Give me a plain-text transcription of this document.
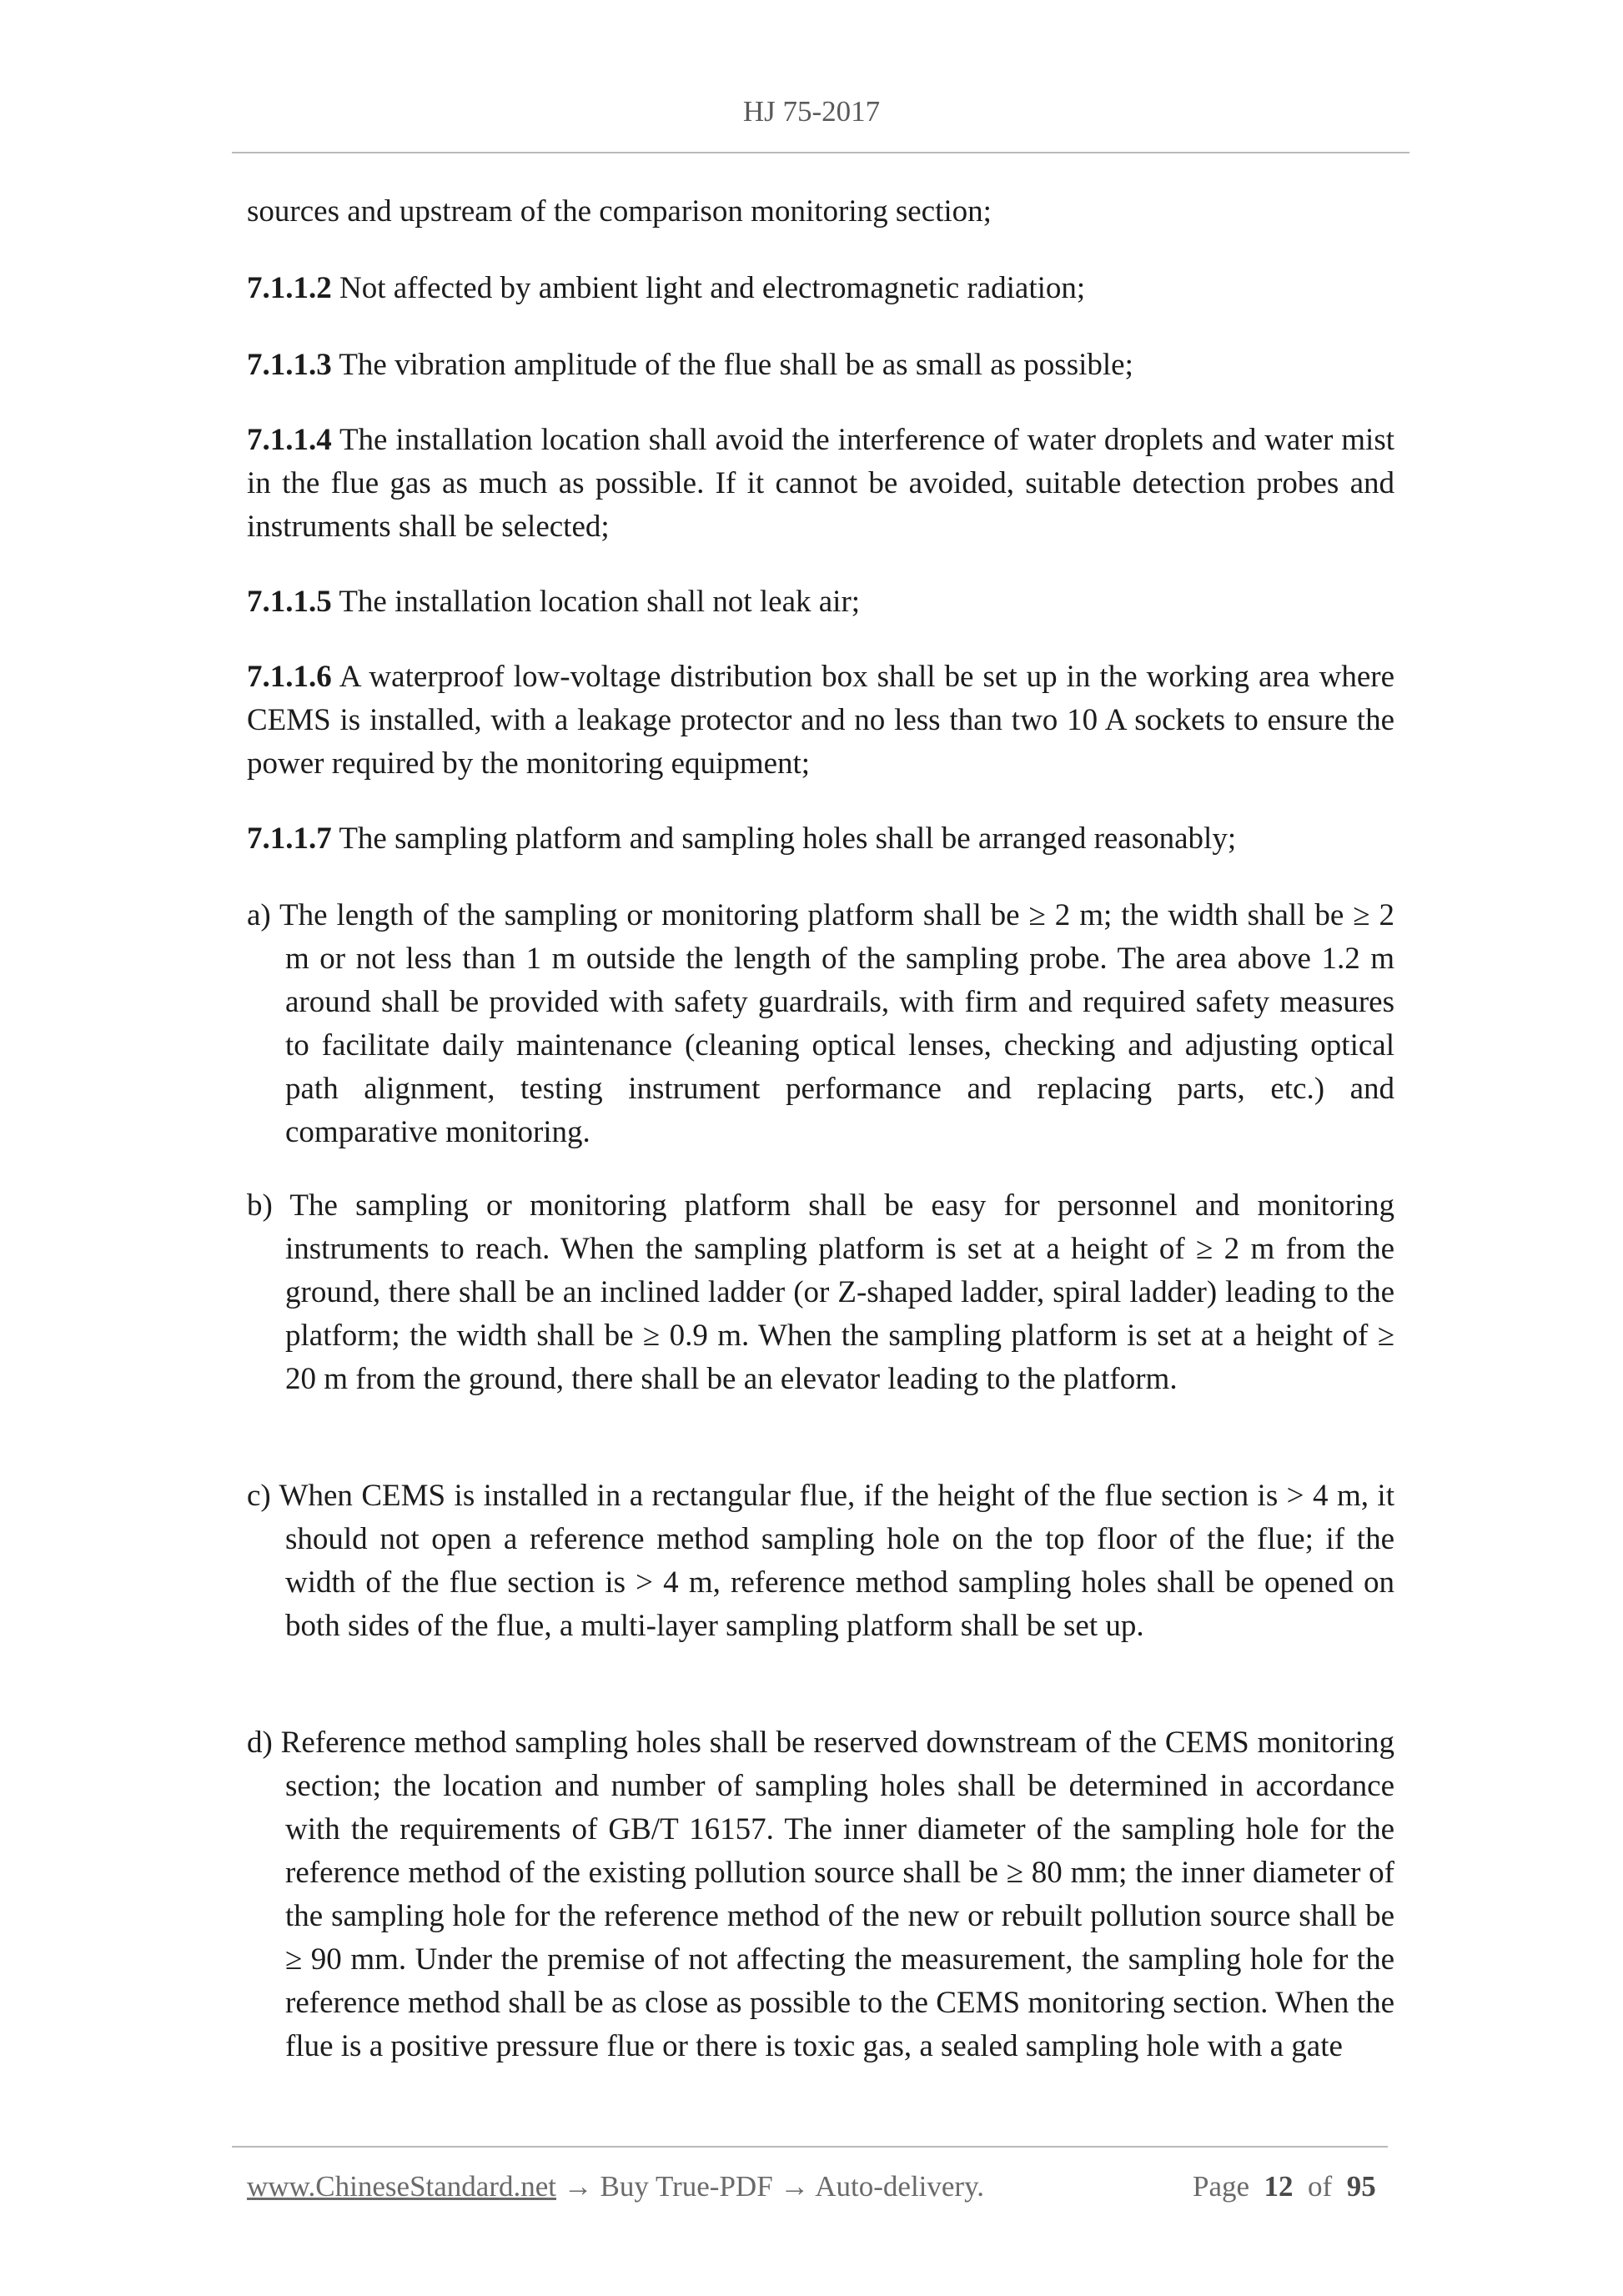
HJ 75-2017

sources and upstream of the comparison monitoring section;

7.1.1.2 Not affected by ambient light and electromagnetic radiation;

7.1.1.3 The vibration amplitude of the flue shall be as small as possible;

7.1.1.4 The installation location shall avoid the interference of water droplets and water mist in the flue gas as much as possible. If it cannot be avoided, suitable detection probes and instruments shall be selected;

7.1.1.5 The installation location shall not leak air;

7.1.1.6 A waterproof low-voltage distribution box shall be set up in the working area where CEMS is installed, with a leakage protector and no less than two 10 A sockets to ensure the power required by the monitoring equipment;

7.1.1.7 The sampling platform and sampling holes shall be arranged reasonably;

a) The length of the sampling or monitoring platform shall be ≥ 2 m; the width shall be ≥ 2 m or not less than 1 m outside the length of the sampling probe. The area above 1.2 m around shall be provided with safety guardrails, with firm and required safety measures to facilitate daily maintenance (cleaning optical lenses, checking and adjusting optical path alignment, testing instrument performance and replacing parts, etc.) and comparative monitoring.

b) The sampling or monitoring platform shall be easy for personnel and monitoring instruments to reach. When the sampling platform is set at a height of ≥ 2 m from the ground, there shall be an inclined ladder (or Z-shaped ladder, spiral ladder) leading to the platform; the width shall be ≥ 0.9 m. When the sampling platform is set at a height of ≥ 20 m from the ground, there shall be an elevator leading to the platform.

c) When CEMS is installed in a rectangular flue, if the height of the flue section is > 4 m, it should not open a reference method sampling hole on the top floor of the flue; if the width of the flue section is > 4 m, reference method sampling holes shall be opened on both sides of the flue, a multi-layer sampling platform shall be set up.

d) Reference method sampling holes shall be reserved downstream of the CEMS monitoring section; the location and number of sampling holes shall be determined in accordance with the requirements of GB/T 16157. The inner diameter of the sampling hole for the reference method of the existing pollution source shall be ≥ 80 mm; the inner diameter of the sampling hole for the reference method of the new or rebuilt pollution source shall be ≥ 90 mm. Under the premise of not affecting the measurement, the sampling hole for the reference method shall be as close as possible to the CEMS monitoring section. When the flue is a positive pressure flue or there is toxic gas, a sealed sampling hole with a gate

www.ChineseStandard.net → Buy True-PDF → Auto-delivery.	Page 12 of 95
